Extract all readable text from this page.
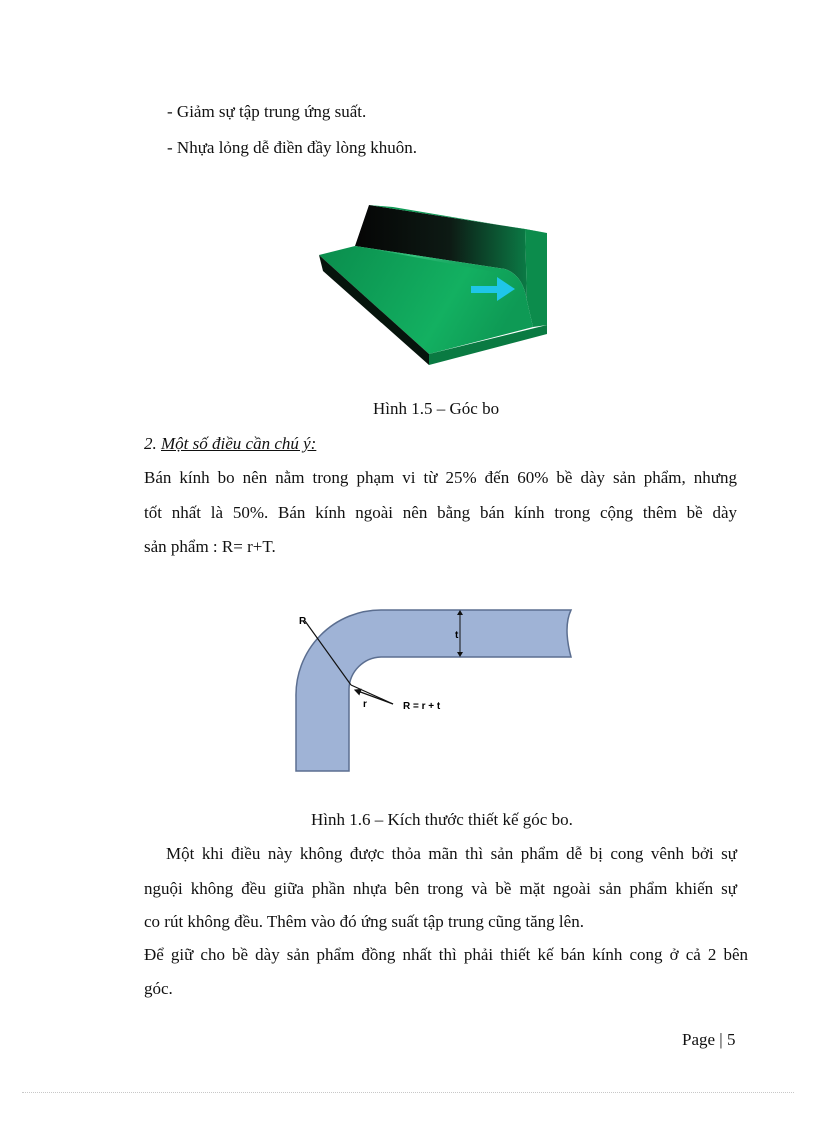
- Giảm sự tập trung ứng suất.
- Nhựa lỏng dễ điền đầy lòng khuôn.
Hình 1.5 – Góc bo
2. Một số điều cần chú ý:
Bán kính bo nên nằm trong phạm vi từ 25% đến 60% bề dày sản phẩm, nhưng
tốt nhất là 50%. Bán kính ngoài nên bằng bán kính trong cộng thêm bề dày
sản phẩm : R= r+T.
R
t
r	R = r + t
Hình 1.6 – Kích thước thiết kế góc bo.
Một khi điều này không được thỏa mãn thì sản phẩm dễ bị cong vênh bởi sự
nguội không đều giữa phần nhựa bên trong và bề mặt ngoài sản phẩm khiến sự
co rút không đều. Thêm vào đó ứng suất tập trung cũng tăng lên.
Để giữ cho bề dày sản phẩm đồng nhất thì phải thiết kế bán kính cong ở cả 2 bên
góc.
Page | 5
